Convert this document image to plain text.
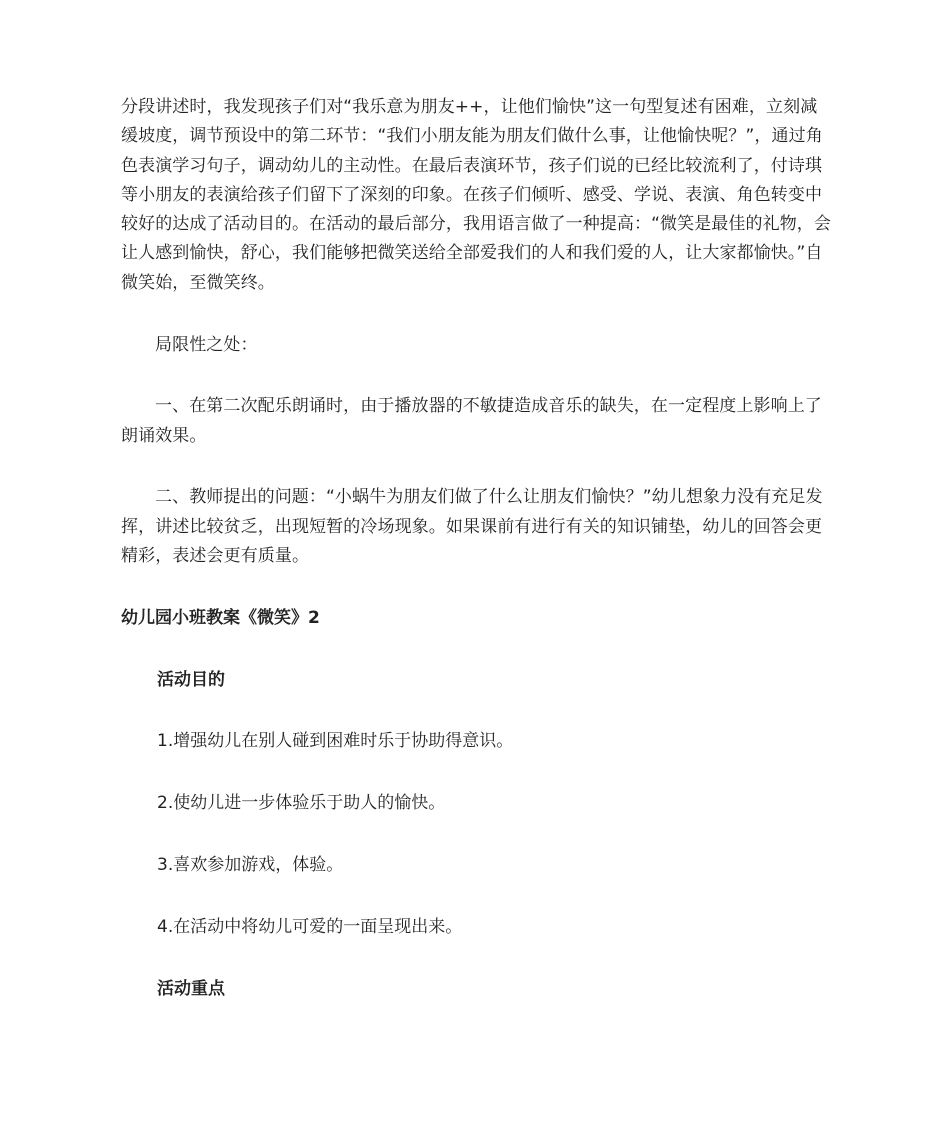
分段讲述时，我发现孩子们对“我乐意为朋友++，让他们愉快”这一句型复述有困难，立刻减缓坡度，调节预设中的第二环节：“我们小朋友能为朋友们做什么事，让他愉快呢？”，通过角色表演学习句子，调动幼儿的主动性。在最后表演环节，孩子们说的已经比较流利了，付诗琪等小朋友的表演给孩子们留下了深刻的印象。在孩子们倾听、感受、学说、表演、角色转变中较好的达成了活动目的。在活动的最后部分，我用语言做了一种提高：“微笑是最佳的礼物，会让人感到愉快，舒心，我们能够把微笑送给全部爱我们的人和我们爱的人，让大家都愉快。”自微笑始，至微笑终。

局限性之处：

一、在第二次配乐朗诵时，由于播放器的不敏捷造成音乐的缺失，在一定程度上影响上了朗诵效果。

二、教师提出的问题：“小蜗牛为朋友们做了什么让朋友们愉快？”幼儿想象力没有充足发挥，讲述比较贫乏，出现短暂的冷场现象。如果课前有进行有关的知识铺垫，幼儿的回答会更精彩，表述会更有质量。

幼儿园小班教案《微笑》2

活动目的

1.增强幼儿在别人碰到困难时乐于协助得意识。

2.使幼儿进一步体验乐于助人的愉快。

3.喜欢参加游戏，体验。

4.在活动中将幼儿可爱的一面呈现出来。

活动重点
